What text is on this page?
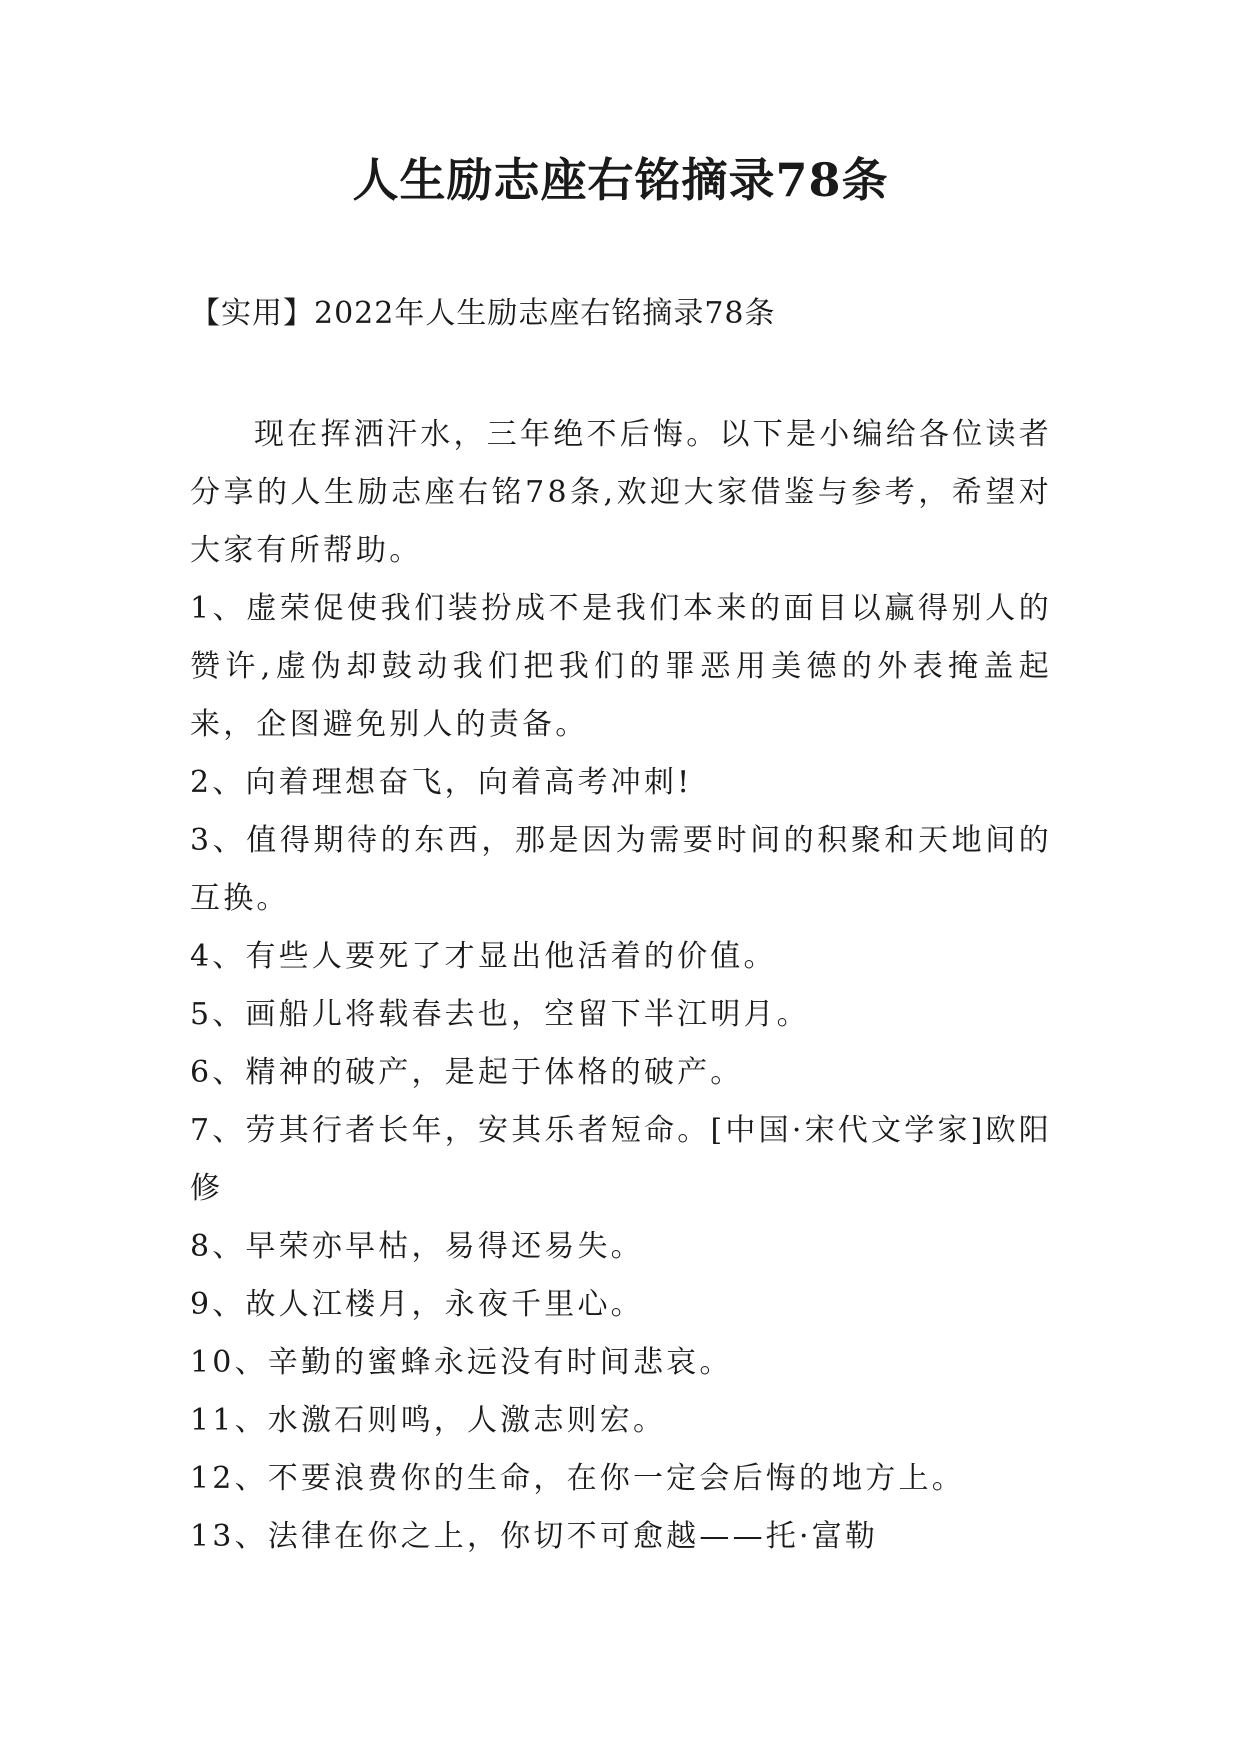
人生励志座右铭摘录78条

【实用】2022年人生励志座右铭摘录78条

现在挥洒汗水，三年绝不后悔。以下是小编给各位读者分享的人生励志座右铭78条,欢迎大家借鉴与参考，希望对大家有所帮助。

1、虚荣促使我们装扮成不是我们本来的面目以赢得别人的赞许,虚伪却鼓动我们把我们的罪恶用美德的外表掩盖起来，企图避免别人的责备。
2、向着理想奋飞，向着高考冲刺!
3、值得期待的东西，那是因为需要时间的积聚和天地间的互换。
4、有些人要死了才显出他活着的价值。
5、画船儿将载春去也，空留下半江明月。
6、精神的破产，是起于体格的破产。
7、劳其行者长年，安其乐者短命。[中国·宋代文学家]欧阳修
8、早荣亦早枯，易得还易失。
9、故人江楼月，永夜千里心。
10、辛勤的蜜蜂永远没有时间悲哀。
11、水激石则鸣，人激志则宏。
12、不要浪费你的生命，在你一定会后悔的地方上。
13、法律在你之上，你切不可愈越——托·富勒
